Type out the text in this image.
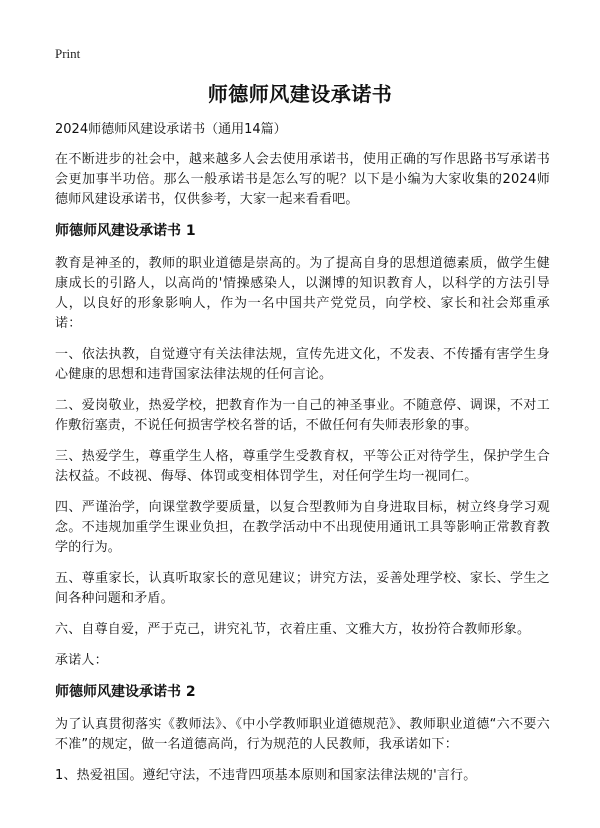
Print
师德师风建设承诺书
2024师德师风建设承诺书（通用14篇）

在不断进步的社会中，越来越多人会去使用承诺书，使用正确的写作思路书写承诺书会更加事半功倍。那么一般承诺书是怎么写的呢？以下是小编为大家收集的2024师德师风建设承诺书，仅供参考，大家一起来看看吧。

师德师风建设承诺书 1

教育是神圣的，教师的职业道德是崇高的。为了提高自身的思想道德素质，做学生健康成长的引路人，以高尚的'情操感染人，以渊博的知识教育人，以科学的方法引导人，以良好的形象影响人，作为一名中国共产党党员，向学校、家长和社会郑重承诺：

一、依法执教，自觉遵守有关法律法规，宣传先进文化，不发表、不传播有害学生身心健康的思想和违背国家法律法规的任何言论。

二、爱岗敬业，热爱学校，把教育作为一自己的神圣事业。不随意停、调课，不对工作敷衍塞责，不说任何损害学校名誉的话，不做任何有失师表形象的事。

三、热爱学生，尊重学生人格，尊重学生受教育权，平等公正对待学生，保护学生合法权益。不歧视、侮辱、体罚或变相体罚学生，对任何学生均一视同仁。

四、严谨治学，向课堂教学要质量，以复合型教师为自身进取目标，树立终身学习观念。不违规加重学生课业负担，在教学活动中不出现使用通讯工具等影响正常教育教学的行为。

五、尊重家长，认真听取家长的意见建议；讲究方法，妥善处理学校、家长、学生之间各种问题和矛盾。

六、自尊自爱，严于克己，讲究礼节，衣着庄重、文雅大方，妆扮符合教师形象。

承诺人：

师德师风建设承诺书 2

为了认真贯彻落实《教师法》、《中小学教师职业道德规范》、教师职业道德“六不要六不准”的规定，做一名道德高尚，行为规范的人民教师，我承诺如下：

1、热爱祖国。遵纪守法，不违背四项基本原则和国家法律法规的'言行。
